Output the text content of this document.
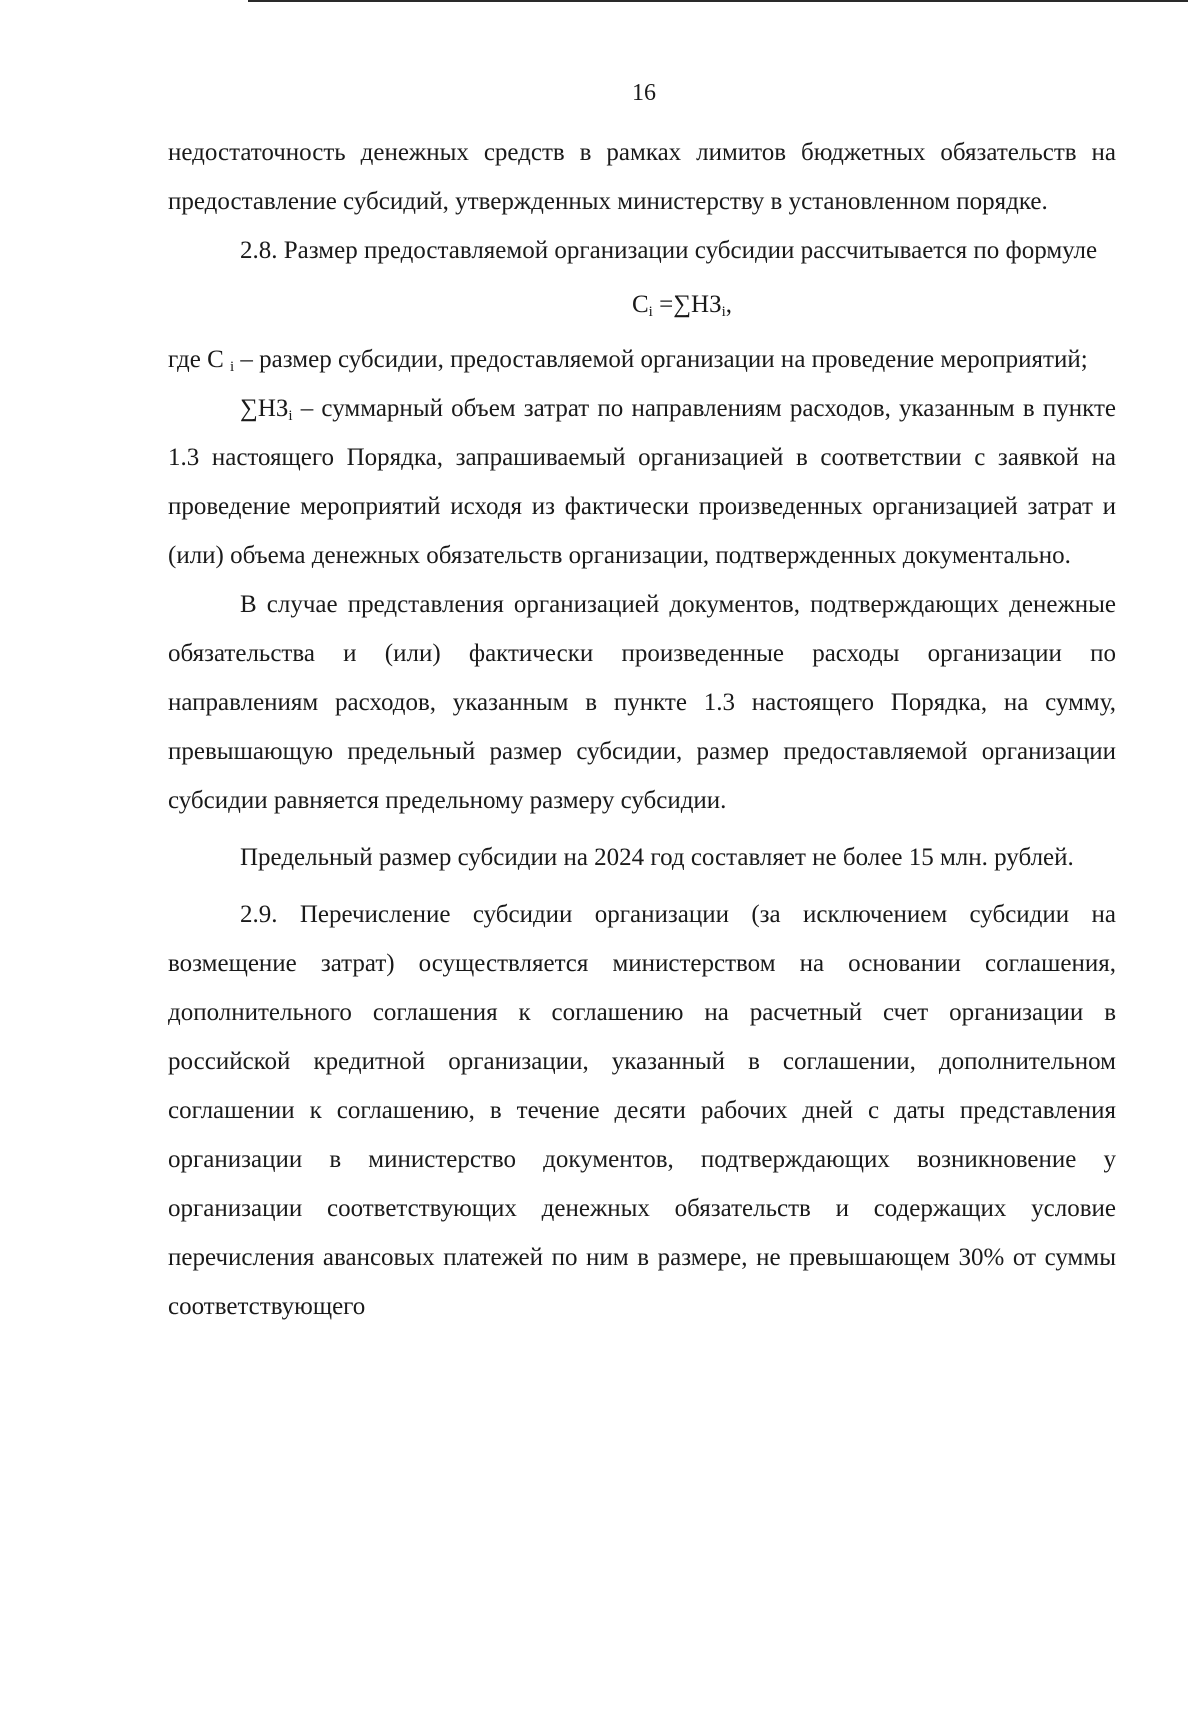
16

недостаточность денежных средств в рамках лимитов бюджетных обязательств на предоставление субсидий, утвержденных министерству в установленном порядке.

2.8. Размер предоставляемой организации субсидии рассчитывается по формуле

$C_i =\sum НЗ_i$,

где С $_i$ – размер субсидии, предоставляемой организации на проведение мероприятий;

$\sum НЗ_i$ – суммарный объем затрат по направлениям расходов, указанным в пункте 1.3 настоящего Порядка, запрашиваемый организацией в соответствии с заявкой на проведение мероприятий исходя из фактически произведенных организацией затрат и (или) объема денежных обязательств организации, подтвержденных документально.

В случае представления организацией документов, подтверждающих денежные обязательства и (или) фактически произведенные расходы организации по направлениям расходов, указанным в пункте 1.3 настоящего Порядка, на сумму, превышающую предельный размер субсидии, размер предоставляемой организации субсидии равняется предельному размеру субсидии.

Предельный размер субсидии на 2024 год составляет не более 15 млн. рублей.

2.9. Перечисление субсидии организации (за исключением субсидии на возмещение затрат) осуществляется министерством на основании соглашения, дополнительного соглашения к соглашению на расчетный счет организации в российской кредитной организации, указанный в соглашении, дополнительном соглашении к соглашению, в течение десяти рабочих дней с даты представления организации в министерство документов, подтверждающих возникновение у организации соответствующих денежных обязательств и содержащих условие перечисления авансовых платежей по ним в размере, не превышающем 30% от суммы соответствующего
